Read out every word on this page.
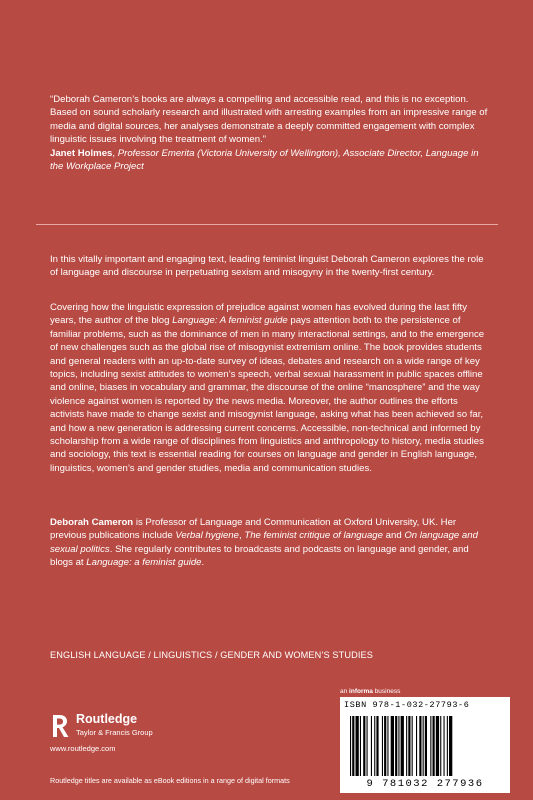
“Deborah Cameron’s books are always a compelling and accessible read, and this is no exception. Based on sound scholarly research and illustrated with arresting examples from an impressive range of media and digital sources, her analyses demonstrate a deeply committed engagement with complex linguistic issues involving the treatment of women.”

Janet Holmes, Professor Emerita (Victoria University of Wellington), Associate Director, Language in the Workplace Project

In this vitally important and engaging text, leading feminist linguist Deborah Cameron explores the role of language and discourse in perpetuating sexism and misogyny in the twenty-first century.

Covering how the linguistic expression of prejudice against women has evolved during the last fifty years, the author of the blog Language: A feminist guide pays attention both to the persistence of familiar problems, such as the dominance of men in many interactional settings, and to the emergence of new challenges such as the global rise of misogynist extremism online. The book provides students and general readers with an up-to-date survey of ideas, debates and research on a wide range of key topics, including sexist attitudes to women’s speech, verbal sexual harassment in public spaces offline and online, biases in vocabulary and grammar, the discourse of the online “manosphere” and the way violence against women is reported by the news media. Moreover, the author outlines the efforts activists have made to change sexist and misogynist language, asking what has been achieved so far, and how a new generation is addressing current concerns. Accessible, non-technical and informed by scholarship from a wide range of disciplines from linguistics and anthropology to history, media studies and sociology, this text is essential reading for courses on language and gender in English language, linguistics, women’s and gender studies, media and communication studies.

Deborah Cameron is Professor of Language and Communication at Oxford University, UK. Her previous publications include Verbal hygiene, The feminist critique of language and On language and sexual politics. She regularly contributes to broadcasts and podcasts on language and gender, and blogs at Language: a feminist guide.

ENGLISH LANGUAGE / LINGUISTICS / GENDER AND WOMEN’S STUDIES
Routledge
Taylor & Francis Group
www.routledge.com
Routledge titles are available as eBook editions in a range of digital formats
an informa business
ISBN 978-1-032-27793-6
9 781032 277936
